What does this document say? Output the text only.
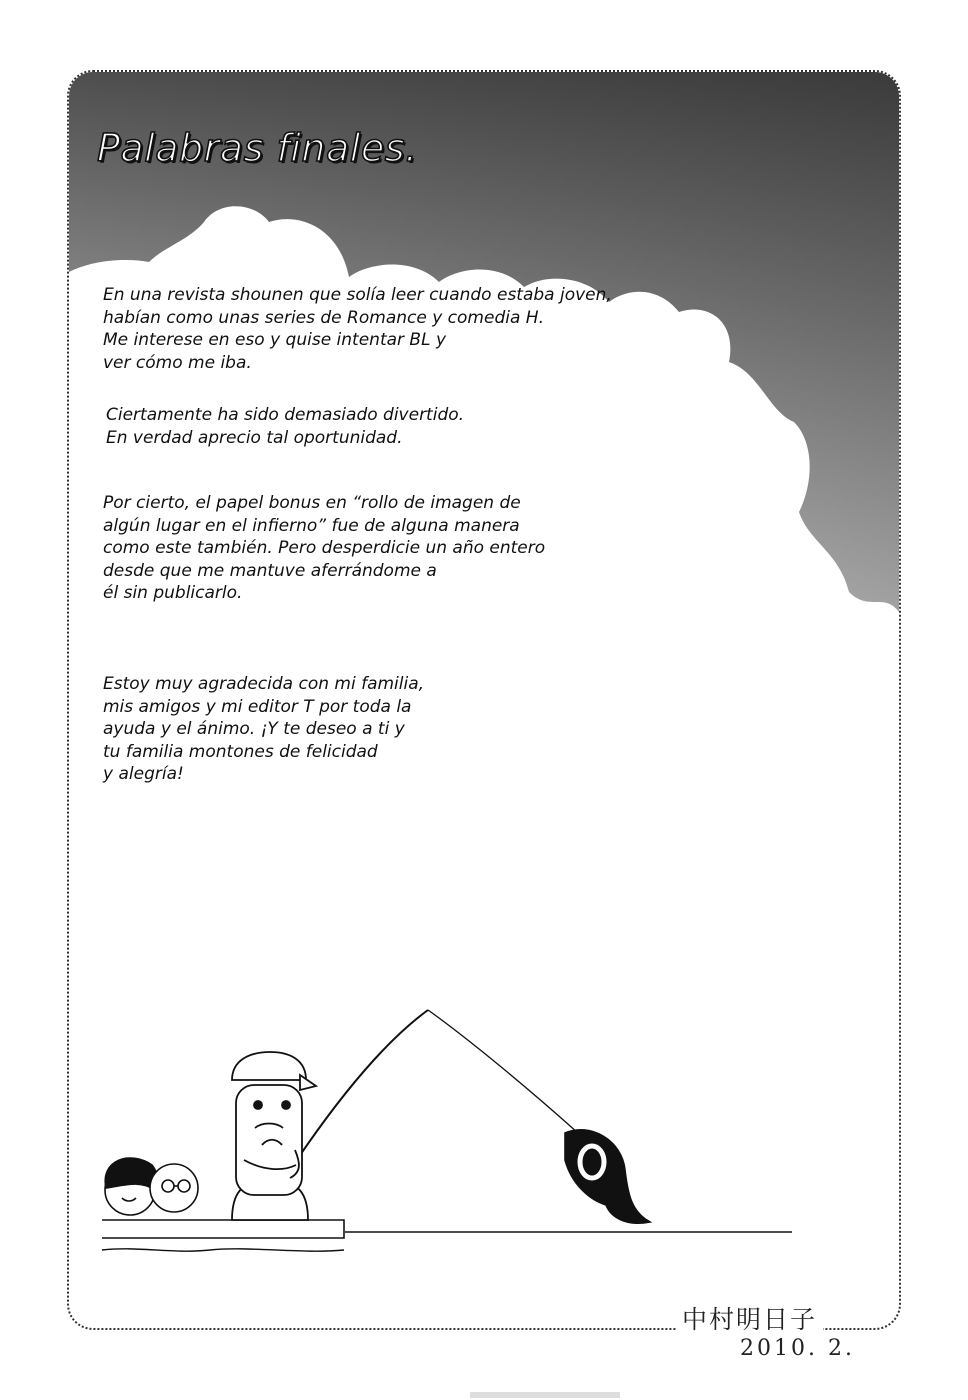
Palabras finales.

En una revista shounen que solía leer cuando estaba joven,
habían como unas series de Romance y comedia H.
Me interese en eso y quise intentar BL y
ver cómo me iba.

Ciertamente ha sido demasiado divertido.
En verdad aprecio tal oportunidad.

Por cierto, el papel bonus en “rollo de imagen de
algún lugar en el infierno” fue de alguna manera
como este también. Pero desperdicie un año entero
desde que me mantuve aferrándome a
él sin publicarlo.

Estoy muy agradecida con mi familia,
mis amigos y mi editor T por toda la
ayuda y el ánimo. ¡Y te deseo a ti y
tu familia montones de felicidad
y alegría!

中村明日子
2010. 2.
